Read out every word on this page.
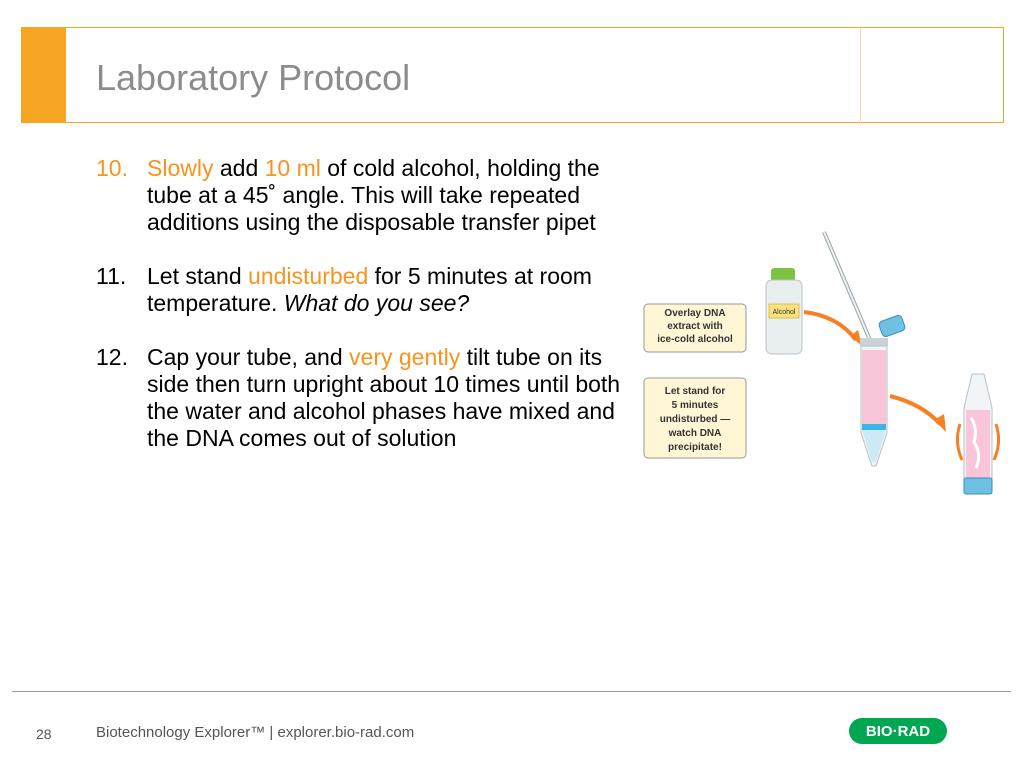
Laboratory Protocol
10. Slowly add 10 ml of cold alcohol, holding the tube at a 45˚ angle. This will take repeated additions using the disposable transfer pipet
11. Let stand undisturbed for 5 minutes at room temperature. What do you see?
12. Cap your tube, and very gently tilt tube on its side then turn upright about 10 times until both the water and alcohol phases have mixed and the DNA comes out of solution
Overlay DNA
extract with
ice-cold alcohol
Let stand for
5 minutes
undisturbed —
watch DNA
precipitate!
Alcohol
28	Biotechnology Explorer™ | explorer.bio-rad.com	BIO·RAD
